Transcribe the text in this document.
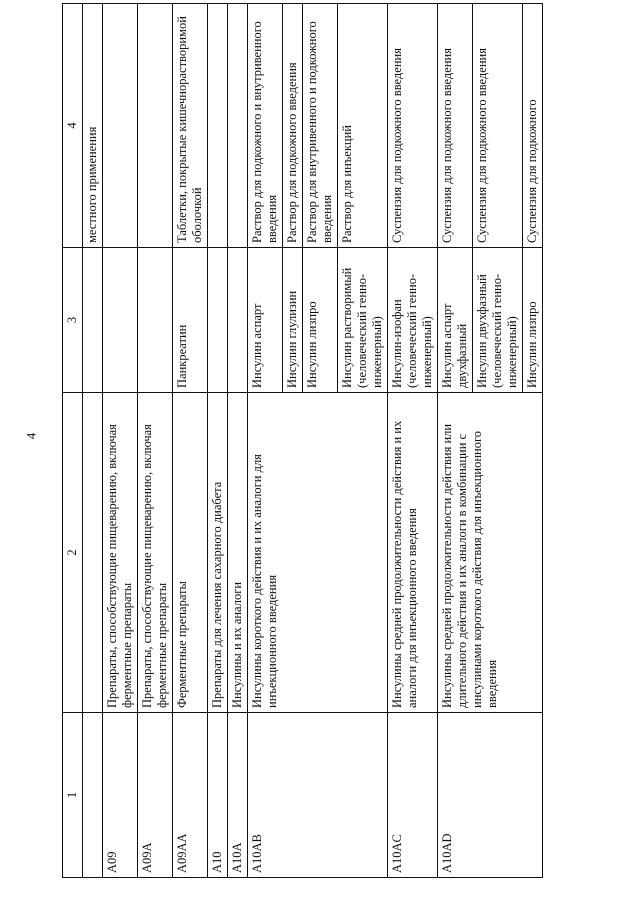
4
1	2	3	4
			местного применения
A09	Препараты, способствующие пищеварению, включая ферментные препараты		
A09A	Препараты, способствующие пищеварению, включая ферментные препараты		
A09AA	Ферментные препараты	Панкреатин	Таблетки, покрытые кишечнорастворимой оболочкой
A10	Препараты для лечения сахарного диабета		
A10A	Инсулины и их аналоги		
A10AB	Инсулины короткого действия и их аналоги для инъекционного введения	Инсулин аспарт	Раствор для подкожного и внутривенного введения
		Инсулин глулизин	Раствор для подкожного введения
		Инсулин лизпро	Раствор для внутривенного и подкожного введения
		Инсулин растворимый (человеческий генно-инженерный)	Раствор для инъекций
A10AC	Инсулины средней продолжительности действия и их аналоги для инъекционного введения	Инсулин-изофан (человеческий генно-инженерный)	Суспензия для подкожного введения
A10AD	Инсулины средней продолжительности действия или длительного действия и их аналоги в комбинации с инсулинами короткого действия для инъекционного введения	Инсулин аспарт двухфазный	Суспензия для подкожного введения
		Инсулин двухфазный (человеческий генно-инженерный)	Суспензия для подкожного введения
		Инсулин лизпро	Суспензия для подкожного
